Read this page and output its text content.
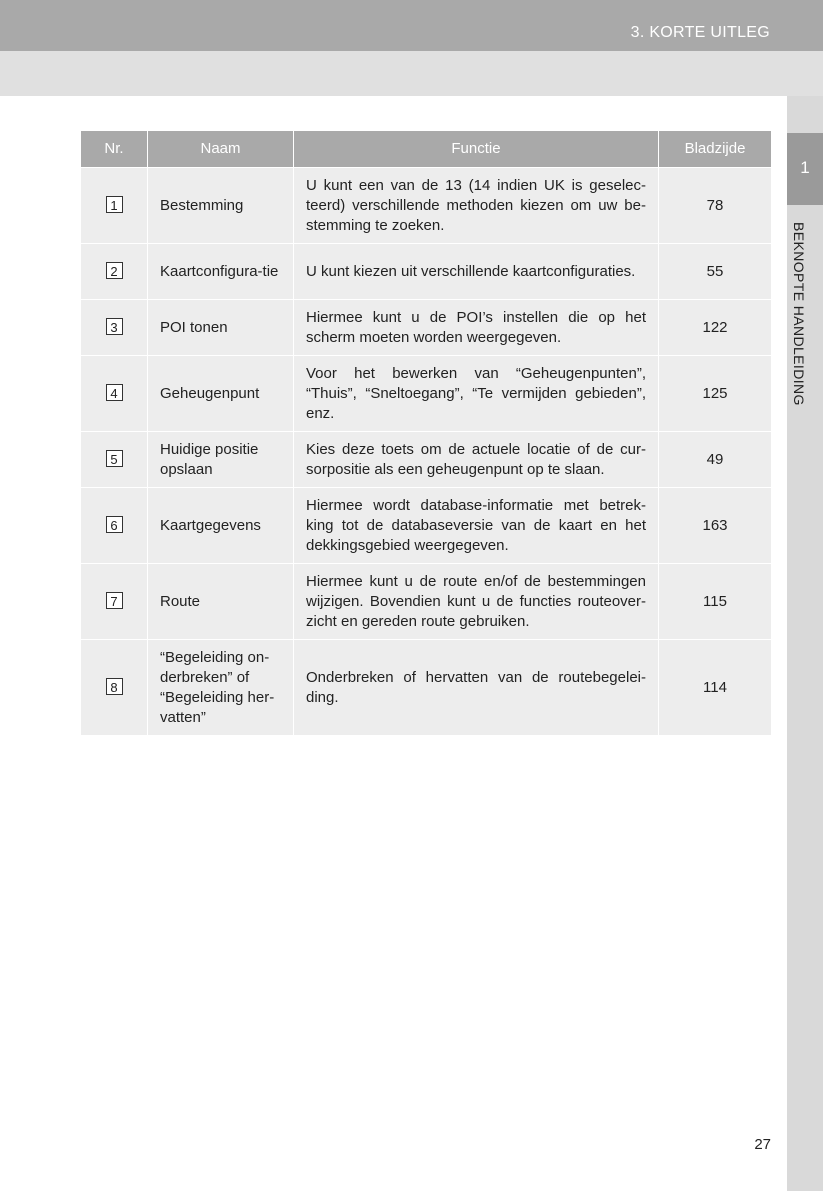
3. KORTE UITLEG
1
BEKNOPTE HANDLEIDING
Nr.	Naam	Functie	Bladzijde
1	Bestemming	U kunt een van de 13 (14 indien UK is geselec-teerd) verschillende methoden kiezen om uw be-stemming te zoeken.	78
2	Kaartconfigura-tie	U kunt kiezen uit verschillende kaartconfiguraties.	55
3	POI tonen	Hiermee kunt u de POI’s instellen die op het scherm moeten worden weergegeven.	122
4	Geheugenpunt	Voor het bewerken van “Geheugenpunten”, “Thuis”, “Sneltoegang”, “Te vermijden gebieden”, enz.	125
5	Huidige positie opslaan	Kies deze toets om de actuele locatie of de cur-sorpositie als een geheugenpunt op te slaan.	49
6	Kaartgegevens	Hiermee wordt database-informatie met betrek-king tot de databaseversie van de kaart en het dekkingsgebied weergegeven.	163
7	Route	Hiermee kunt u de route en/of de bestemmingen wijzigen. Bovendien kunt u de functies routeover-zicht en gereden route gebruiken.	115
8	“Begeleiding on-derbreken” of “Begeleiding her-vatten”	Onderbreken of hervatten van de routebegelei-ding.	114
27
